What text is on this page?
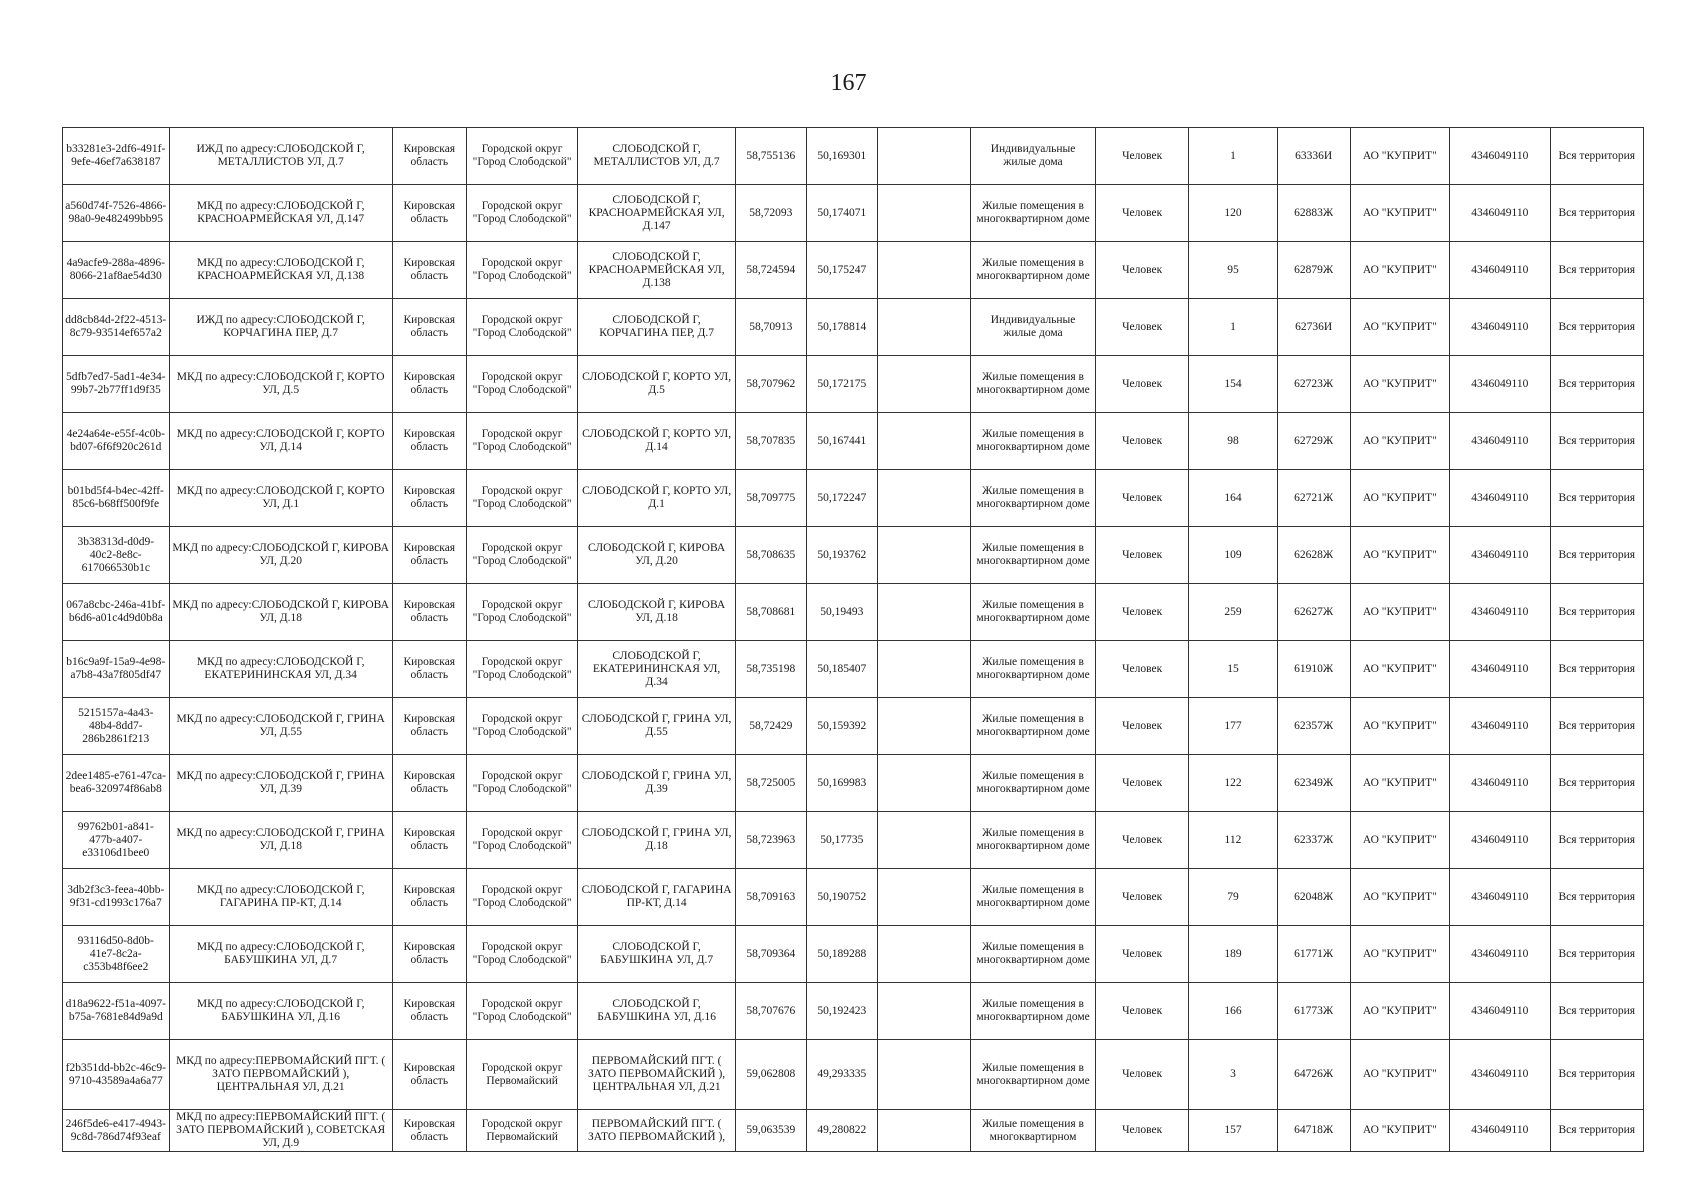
167
b33281e3-2df6-491f-9efe-46ef7a638187	ИЖД по адресу:СЛОБОДСКОЙ Г, МЕТАЛЛИСТОВ УЛ, Д.7	Кировская область	Городской округ "Город Слободской"	СЛОБОДСКОЙ Г, МЕТАЛЛИСТОВ УЛ, Д.7	58,755136	50,169301		Индивидуальные жилые дома	Человек	1	63336И	АО "КУПРИТ"	4346049110	Вся территория
a560d74f-7526-4866-98a0-9e482499bb95	МКД по адресу:СЛОБОДСКОЙ Г, КРАСНОАРМЕЙСКАЯ УЛ, Д.147	Кировская область	Городской округ "Город Слободской"	СЛОБОДСКОЙ Г, КРАСНОАРМЕЙСКАЯ УЛ, Д.147	58,72093	50,174071		Жилые помещения в многоквартирном доме	Человек	120	62883Ж	АО "КУПРИТ"	4346049110	Вся территория
4a9acfe9-288a-4896-8066-21af8ae54d30	МКД по адресу:СЛОБОДСКОЙ Г, КРАСНОАРМЕЙСКАЯ УЛ, Д.138	Кировская область	Городской округ "Город Слободской"	СЛОБОДСКОЙ Г, КРАСНОАРМЕЙСКАЯ УЛ, Д.138	58,724594	50,175247		Жилые помещения в многоквартирном доме	Человек	95	62879Ж	АО "КУПРИТ"	4346049110	Вся территория
dd8cb84d-2f22-4513-8c79-93514ef657a2	ИЖД по адресу:СЛОБОДСКОЙ Г, КОРЧАГИНА ПЕР, Д.7	Кировская область	Городской округ "Город Слободской"	СЛОБОДСКОЙ Г, КОРЧАГИНА ПЕР, Д.7	58,70913	50,178814		Индивидуальные жилые дома	Человек	1	62736И	АО "КУПРИТ"	4346049110	Вся территория
5dfb7ed7-5ad1-4e34-99b7-2b77ff1d9f35	МКД по адресу:СЛОБОДСКОЙ Г, КОРТО УЛ, Д.5	Кировская область	Городской округ "Город Слободской"	СЛОБОДСКОЙ Г, КОРТО УЛ, Д.5	58,707962	50,172175		Жилые помещения в многоквартирном доме	Человек	154	62723Ж	АО "КУПРИТ"	4346049110	Вся территория
4e24a64e-e55f-4c0b-bd07-6f6f920c261d	МКД по адресу:СЛОБОДСКОЙ Г, КОРТО УЛ, Д.14	Кировская область	Городской округ "Город Слободской"	СЛОБОДСКОЙ Г, КОРТО УЛ, Д.14	58,707835	50,167441		Жилые помещения в многоквартирном доме	Человек	98	62729Ж	АО "КУПРИТ"	4346049110	Вся территория
b01bd5f4-b4ec-42ff-85c6-b68ff500f9fe	МКД по адресу:СЛОБОДСКОЙ Г, КОРТО УЛ, Д.1	Кировская область	Городской округ "Город Слободской"	СЛОБОДСКОЙ Г, КОРТО УЛ, Д.1	58,709775	50,172247		Жилые помещения в многоквартирном доме	Человек	164	62721Ж	АО "КУПРИТ"	4346049110	Вся территория
3b38313d-d0d9-40c2-8e8c-617066530b1c	МКД по адресу:СЛОБОДСКОЙ Г, КИРОВА УЛ, Д.20	Кировская область	Городской округ "Город Слободской"	СЛОБОДСКОЙ Г, КИРОВА УЛ, Д.20	58,708635	50,193762		Жилые помещения в многоквартирном доме	Человек	109	62628Ж	АО "КУПРИТ"	4346049110	Вся территория
067a8cbc-246a-41bf-b6d6-a01c4d9d0b8a	МКД по адресу:СЛОБОДСКОЙ Г, КИРОВА УЛ, Д.18	Кировская область	Городской округ "Город Слободской"	СЛОБОДСКОЙ Г, КИРОВА УЛ, Д.18	58,708681	50,19493		Жилые помещения в многоквартирном доме	Человек	259	62627Ж	АО "КУПРИТ"	4346049110	Вся территория
b16c9a9f-15a9-4e98-a7b8-43a7f805df47	МКД по адресу:СЛОБОДСКОЙ Г, ЕКАТЕРИНИНСКАЯ УЛ, Д.34	Кировская область	Городской округ "Город Слободской"	СЛОБОДСКОЙ Г, ЕКАТЕРИНИНСКАЯ УЛ, Д.34	58,735198	50,185407		Жилые помещения в многоквартирном доме	Человек	15	61910Ж	АО "КУПРИТ"	4346049110	Вся территория
5215157a-4a43-48b4-8dd7-286b2861f213	МКД по адресу:СЛОБОДСКОЙ Г, ГРИНА УЛ, Д.55	Кировская область	Городской округ "Город Слободской"	СЛОБОДСКОЙ Г, ГРИНА УЛ, Д.55	58,72429	50,159392		Жилые помещения в многоквартирном доме	Человек	177	62357Ж	АО "КУПРИТ"	4346049110	Вся территория
2dee1485-e761-47ca-bea6-320974f86ab8	МКД по адресу:СЛОБОДСКОЙ Г, ГРИНА УЛ, Д.39	Кировская область	Городской округ "Город Слободской"	СЛОБОДСКОЙ Г, ГРИНА УЛ, Д.39	58,725005	50,169983		Жилые помещения в многоквартирном доме	Человек	122	62349Ж	АО "КУПРИТ"	4346049110	Вся территория
99762b01-a841-477b-a407-e33106d1bee0	МКД по адресу:СЛОБОДСКОЙ Г, ГРИНА УЛ, Д.18	Кировская область	Городской округ "Город Слободской"	СЛОБОДСКОЙ Г, ГРИНА УЛ, Д.18	58,723963	50,17735		Жилые помещения в многоквартирном доме	Человек	112	62337Ж	АО "КУПРИТ"	4346049110	Вся территория
3db2f3c3-feea-40bb-9f31-cd1993c176a7	МКД по адресу:СЛОБОДСКОЙ Г, ГАГАРИНА ПР-КТ, Д.14	Кировская область	Городской округ "Город Слободской"	СЛОБОДСКОЙ Г, ГАГАРИНА ПР-КТ, Д.14	58,709163	50,190752		Жилые помещения в многоквартирном доме	Человек	79	62048Ж	АО "КУПРИТ"	4346049110	Вся территория
93116d50-8d0b-41e7-8c2a-c353b48f6ee2	МКД по адресу:СЛОБОДСКОЙ Г, БАБУШКИНА УЛ, Д.7	Кировская область	Городской округ "Город Слободской"	СЛОБОДСКОЙ Г, БАБУШКИНА УЛ, Д.7	58,709364	50,189288		Жилые помещения в многоквартирном доме	Человек	189	61771Ж	АО "КУПРИТ"	4346049110	Вся территория
d18a9622-f51a-4097-b75a-7681e84d9a9d	МКД по адресу:СЛОБОДСКОЙ Г, БАБУШКИНА УЛ, Д.16	Кировская область	Городской округ "Город Слободской"	СЛОБОДСКОЙ Г, БАБУШКИНА УЛ, Д.16	58,707676	50,192423		Жилые помещения в многоквартирном доме	Человек	166	61773Ж	АО "КУПРИТ"	4346049110	Вся территория
f2b351dd-bb2c-46c9-9710-43589a4a6a77	МКД по адресу:ПЕРВОМАЙСКИЙ ПГТ. ( ЗАТО ПЕРВОМАЙСКИЙ ), ЦЕНТРАЛЬНАЯ УЛ, Д.21	Кировская область	Городской округ Первомайский	ПЕРВОМАЙСКИЙ ПГТ. ( ЗАТО ПЕРВОМАЙСКИЙ ), ЦЕНТРАЛЬНАЯ УЛ, Д.21	59,062808	49,293335		Жилые помещения в многоквартирном доме	Человек	3	64726Ж	АО "КУПРИТ"	4346049110	Вся территория
246f5de6-e417-4943-9c8d-786d74f93eaf	МКД по адресу:ПЕРВОМАЙСКИЙ ПГТ. ( ЗАТО ПЕРВОМАЙСКИЙ ), СОВЕТСКАЯ УЛ, Д.9	Кировская область	Городской округ Первомайский	ПЕРВОМАЙСКИЙ ПГТ. ( ЗАТО ПЕРВОМАЙСКИЙ ),	59,063539	49,280822		Жилые помещения в многоквартирном	Человек	157	64718Ж	АО "КУПРИТ"	4346049110	Вся территория
